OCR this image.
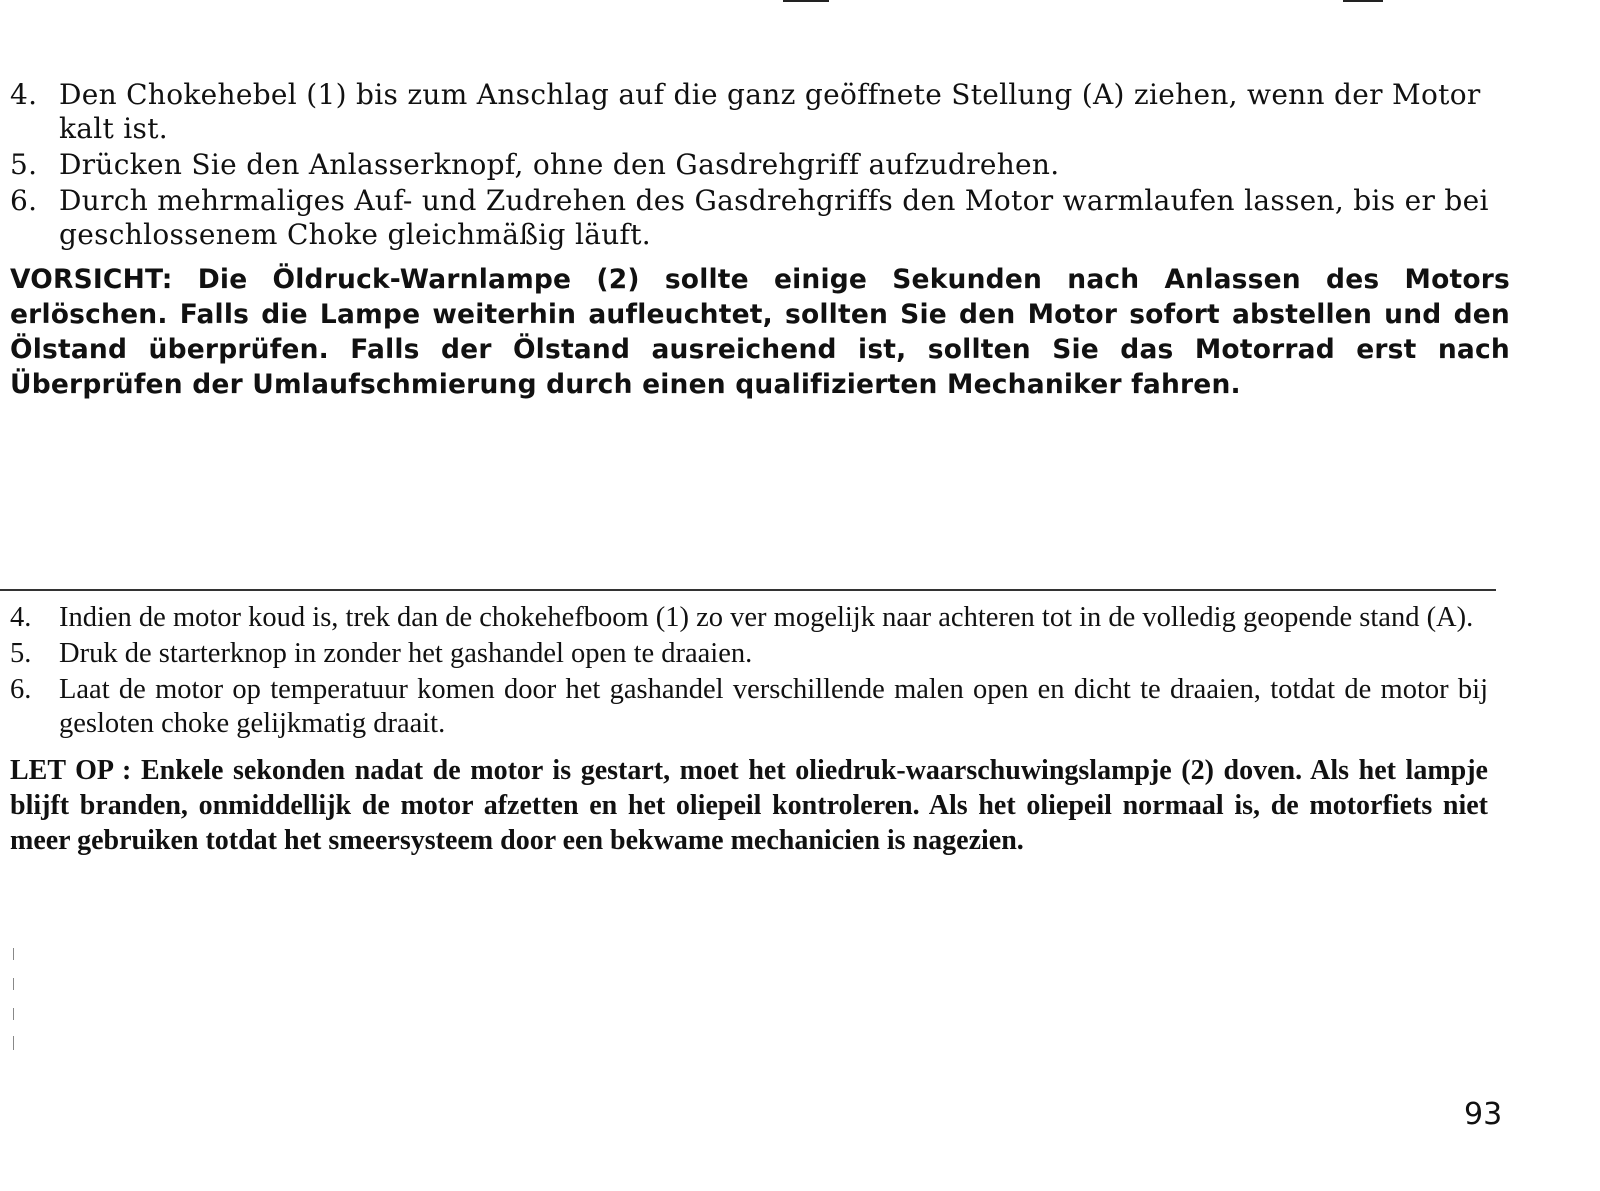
4. Den Chokehebel (1) bis zum Anschlag auf die ganz geöffnete Stellung (A) ziehen, wenn der Motor kalt ist.
5. Drücken Sie den Anlasserknopf, ohne den Gasdrehgriff aufzudrehen.
6. Durch mehrmaliges Auf- und Zudrehen des Gasdrehgriffs den Motor warmlaufen lassen, bis er bei geschlossenem Choke gleichmäßig läuft.

VORSICHT: Die Öldruck-Warnlampe (2) sollte einige Sekunden nach Anlassen des Motors erlöschen. Falls die Lampe weiterhin aufleuchtet, sollten Sie den Motor sofort abstellen und den Ölstand überprüfen. Falls der Ölstand ausreichend ist, sollten Sie das Motorrad erst nach Überprüfen der Umlaufschmierung durch einen qualifizierten Mechaniker fahren.

4. Indien de motor koud is, trek dan de chokehefboom (1) zo ver mogelijk naar achteren tot in de volledig geopende stand (A).
5. Druk de starterknop in zonder het gashandel open te draaien.
6. Laat de motor op temperatuur komen door het gashandel verschillende malen open en dicht te draaien, totdat de motor bij gesloten choke gelijkmatig draait.

LET OP : Enkele sekonden nadat de motor is gestart, moet het oliedruk-waarschuwingslampje (2) doven. Als het lampje blijft branden, onmiddellijk de motor afzetten en het oliepeil kontroleren. Als het oliepeil normaal is, de motorfiets niet meer gebruiken totdat het smeersysteem door een bekwame mechanicien is nagezien.

93
